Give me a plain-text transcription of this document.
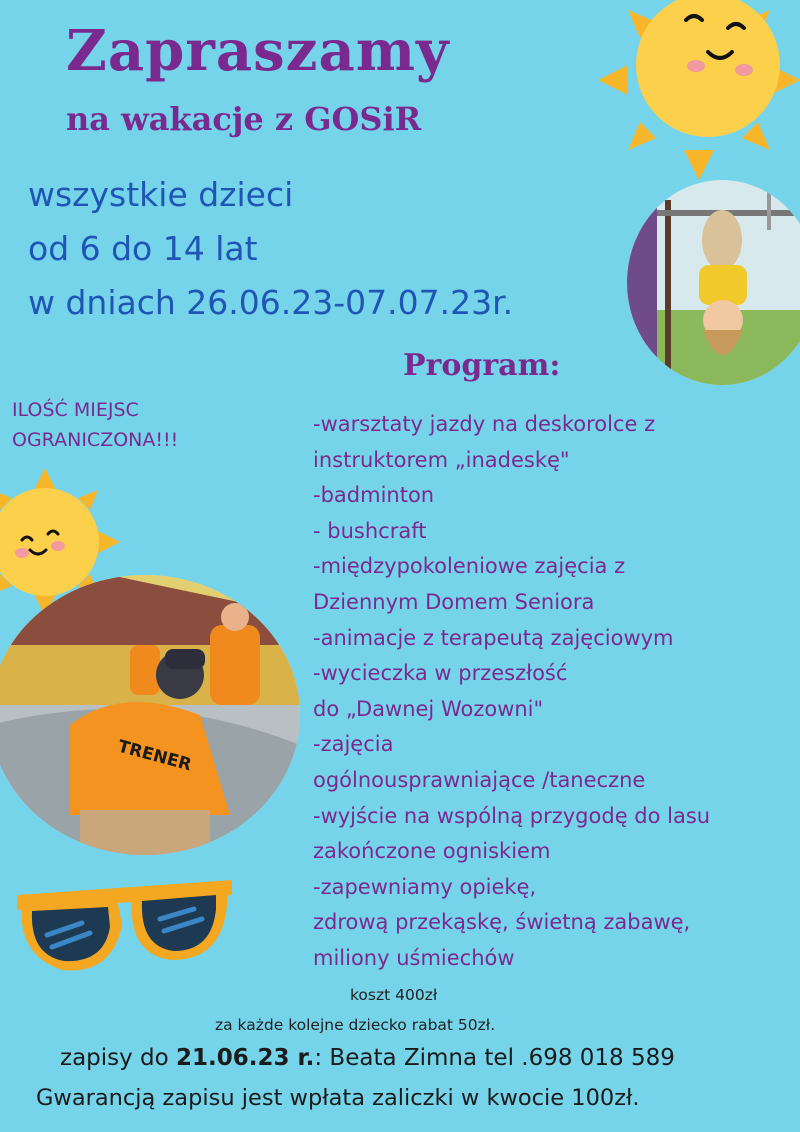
TRENER
Zapraszamy
na wakacje z GOSiR
wszystkie dzieci
od 6 do 14 lat
w dniach 26.06.23-07.07.23r.
ILOŚĆ MIEJSC
OGRANICZONA!!!
Program:
-warsztaty jazdy na deskorolce z
instruktorem „inadeskę"
-badminton
- bushcraft
-międzypokoleniowe zajęcia z
Dziennym Domem Seniora
-animacje z terapeutą zajęciowym
-wycieczka w przeszłość
do „Dawnej Wozowni"
-zajęcia
ogólnousprawniające /taneczne
-wyjście na wspólną przygodę do lasu
zakończone ogniskiem
-zapewniamy opiekę,
zdrową przekąskę, świetną zabawę,
miliony uśmiechów
koszt 400zł
za każde kolejne dziecko rabat 50zł.
zapisy do 21.06.23 r.: Beata Zimna tel .698 018 589
Gwarancją zapisu jest wpłata zaliczki w kwocie 100zł.
